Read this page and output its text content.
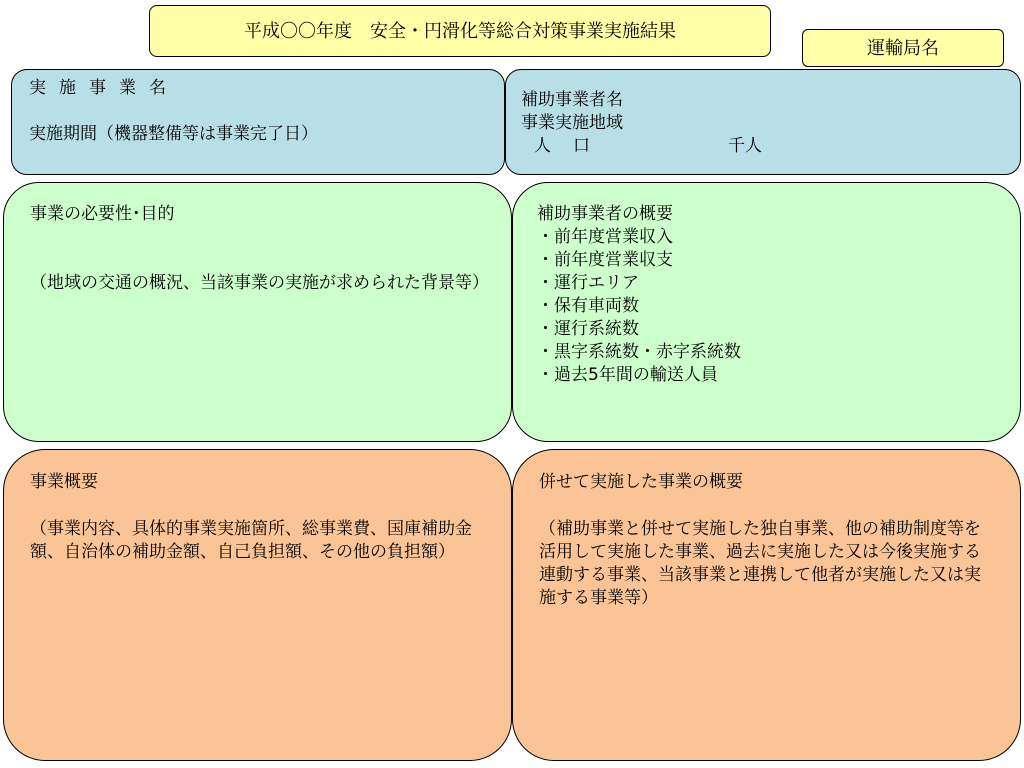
平成〇〇年度　安全・円滑化等総合対策事業実施結果
運輸局名
実施事業名
実施期間（機器整備等は事業完了日）
補助事業者名
事業実施地域
人口	千人
事業の必要性･目的
（地域の交通の概況、当該事業の実施が求められた背景等）
補助事業者の概要
・前年度営業収入
・前年度営業収支
・運行エリア
・保有車両数
・運行系統数
・黒字系統数・赤字系統数
・過去5年間の輸送人員
事業概要
（事業内容、具体的事業実施箇所、総事業費、国庫補助金額、自治体の補助金額、自己負担額、その他の負担額）
併せて実施した事業の概要
（補助事業と併せて実施した独自事業、他の補助制度等を活用して実施した事業、過去に実施した又は今後実施する連動する事業、当該事業と連携して他者が実施した又は実施する事業等）
